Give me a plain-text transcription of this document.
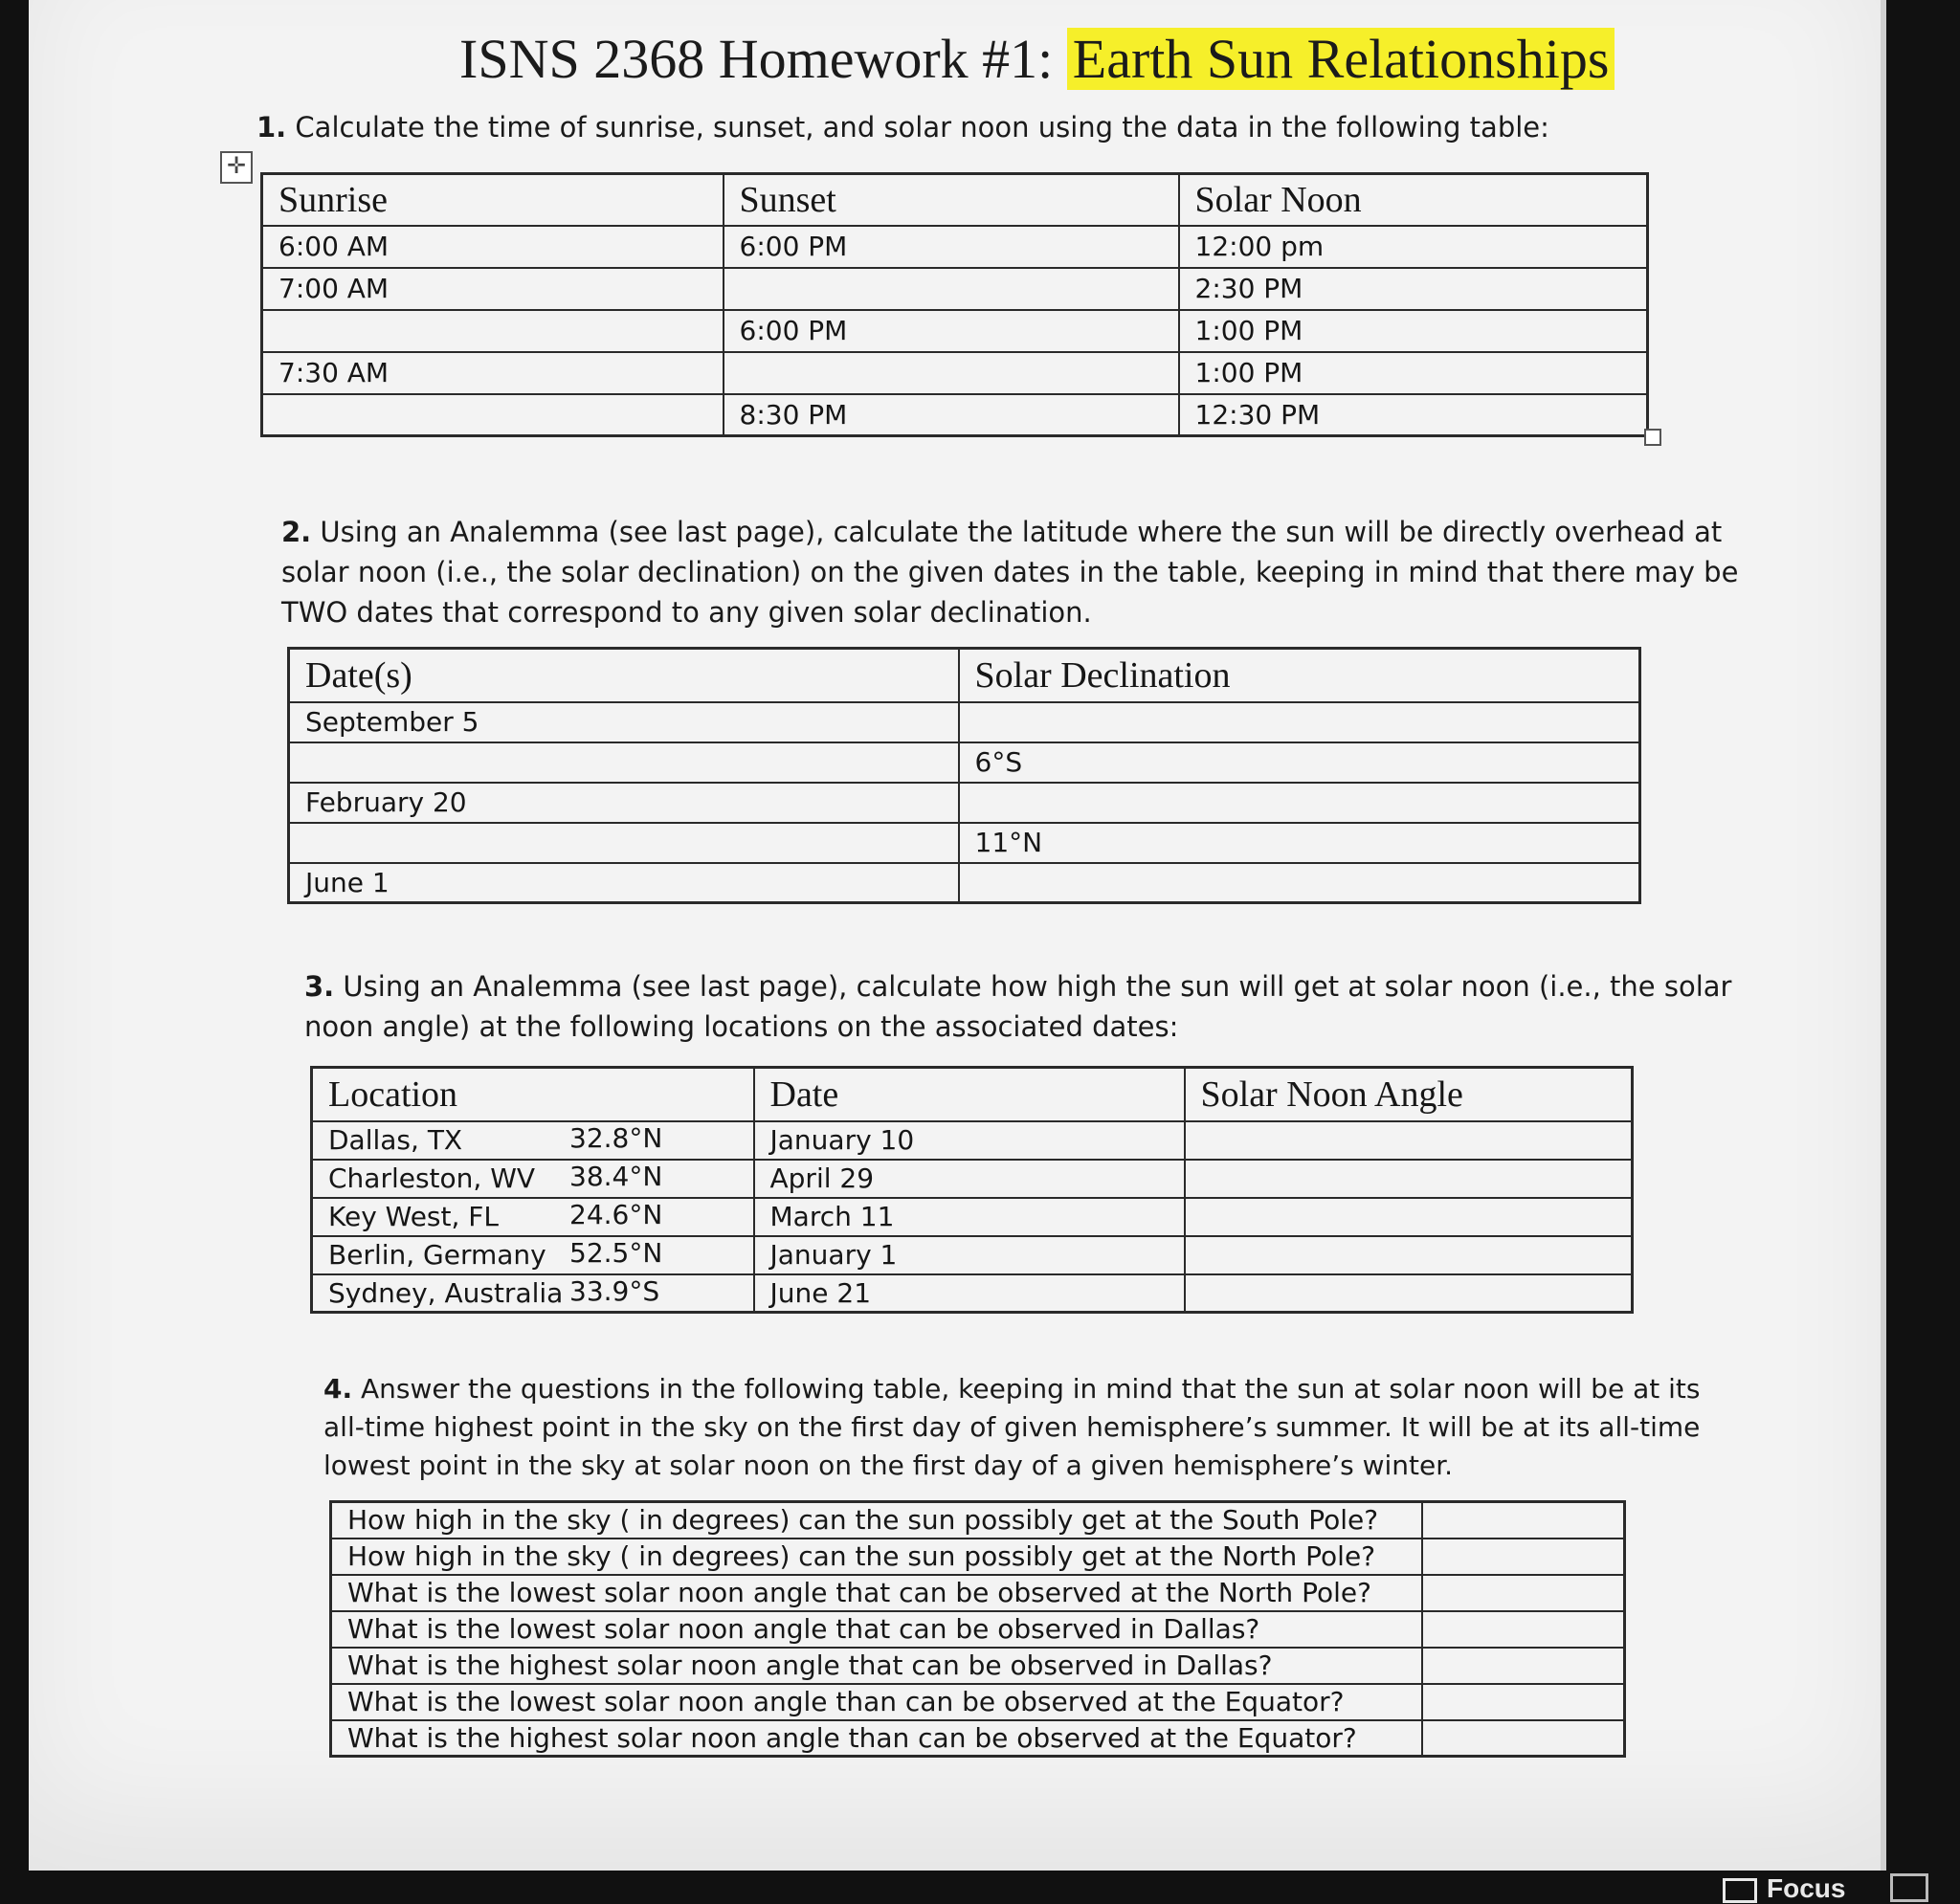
ISNS 2368 Homework #1: Earth Sun Relationships
1. Calculate the time of sunrise, sunset, and solar noon using the data in the following table:
✛
Sunrise	Sunset	Solar Noon
6:00 AM	6:00 PM	12:00 pm
7:00 AM		2:30 PM
	6:00 PM	1:00 PM
7:30 AM		1:00 PM
	8:30 PM	12:30 PM
2. Using an Analemma (see last page), calculate the latitude where the sun will be directly overhead at
solar noon (i.e., the solar declination) on the given dates in the table, keeping in mind that there may be
TWO dates that correspond to any given solar declination.
Date(s)	Solar Declination
September 5	
	6°S
February 20	
	11°N
June 1	
3. Using an Analemma (see last page), calculate how high the sun will get at solar noon (i.e., the solar
noon angle) at the following locations on the associated dates:
Location	Date	Solar Noon Angle
Dallas, TX 32.8°N	January 10	
Charleston, WV 38.4°N	April 29	
Key West, FL 24.6°N	March 11	
Berlin, Germany 52.5°N	January 1	
Sydney, Australia 33.9°S	June 21	
4. Answer the questions in the following table, keeping in mind that the sun at solar noon will be at its
all-time highest point in the sky on the first day of given hemisphere’s summer. It will be at its all-time
lowest point in the sky at solar noon on the first day of a given hemisphere’s winter.
How high in the sky ( in degrees) can the sun possibly get at the South Pole?	
How high in the sky ( in degrees) can the sun possibly get at the North Pole?	
What is the lowest solar noon angle that can be observed at the North Pole?	
What is the lowest solar noon angle that can be observed in Dallas?	
What is the highest solar noon angle that can be observed in Dallas?	
What is the lowest solar noon angle than can be observed at the Equator?	
What is the highest solar noon angle than can be observed at the Equator?	
Focus
